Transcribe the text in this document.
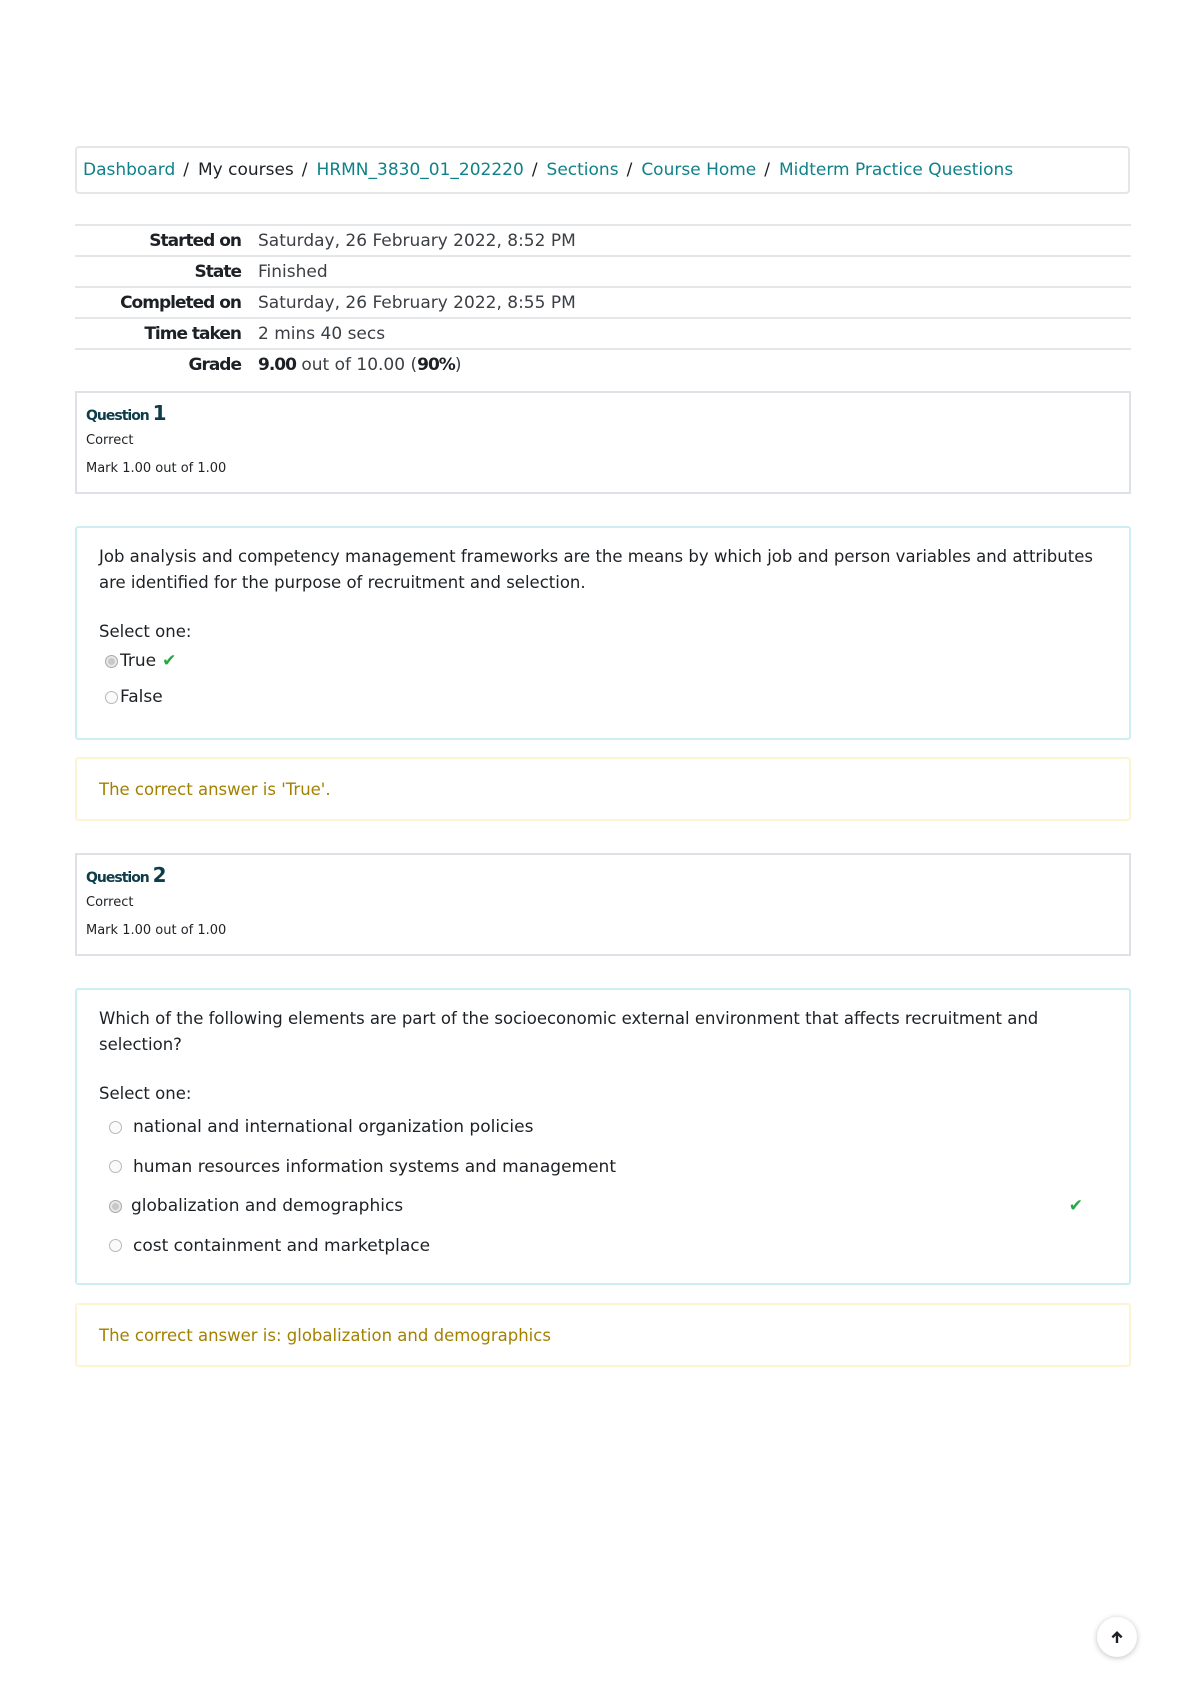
Dashboard / My courses / HRMN_3830_01_202220 / Sections / Course Home / Midterm Practice Questions
Started on	Saturday, 26 February 2022, 8:52 PM
State	Finished
Completed on	Saturday, 26 February 2022, 8:55 PM
Time taken	2 mins 40 secs
Grade	9.00 out of 10.00 (90%)
Question 1
Correct
Mark 1.00 out of 1.00
Job analysis and competency management frameworks are the means by which job and person variables and attributes are identified for the purpose of recruitment and selection.
Select one:
True ✔
False
The correct answer is 'True'.
Question 2
Correct
Mark 1.00 out of 1.00
Which of the following elements are part of the socioeconomic external environment that affects recruitment and selection?
Select one:
national and international organization policies
human resources information systems and management
globalization and demographics	✔
cost containment and marketplace
The correct answer is: globalization and demographics
